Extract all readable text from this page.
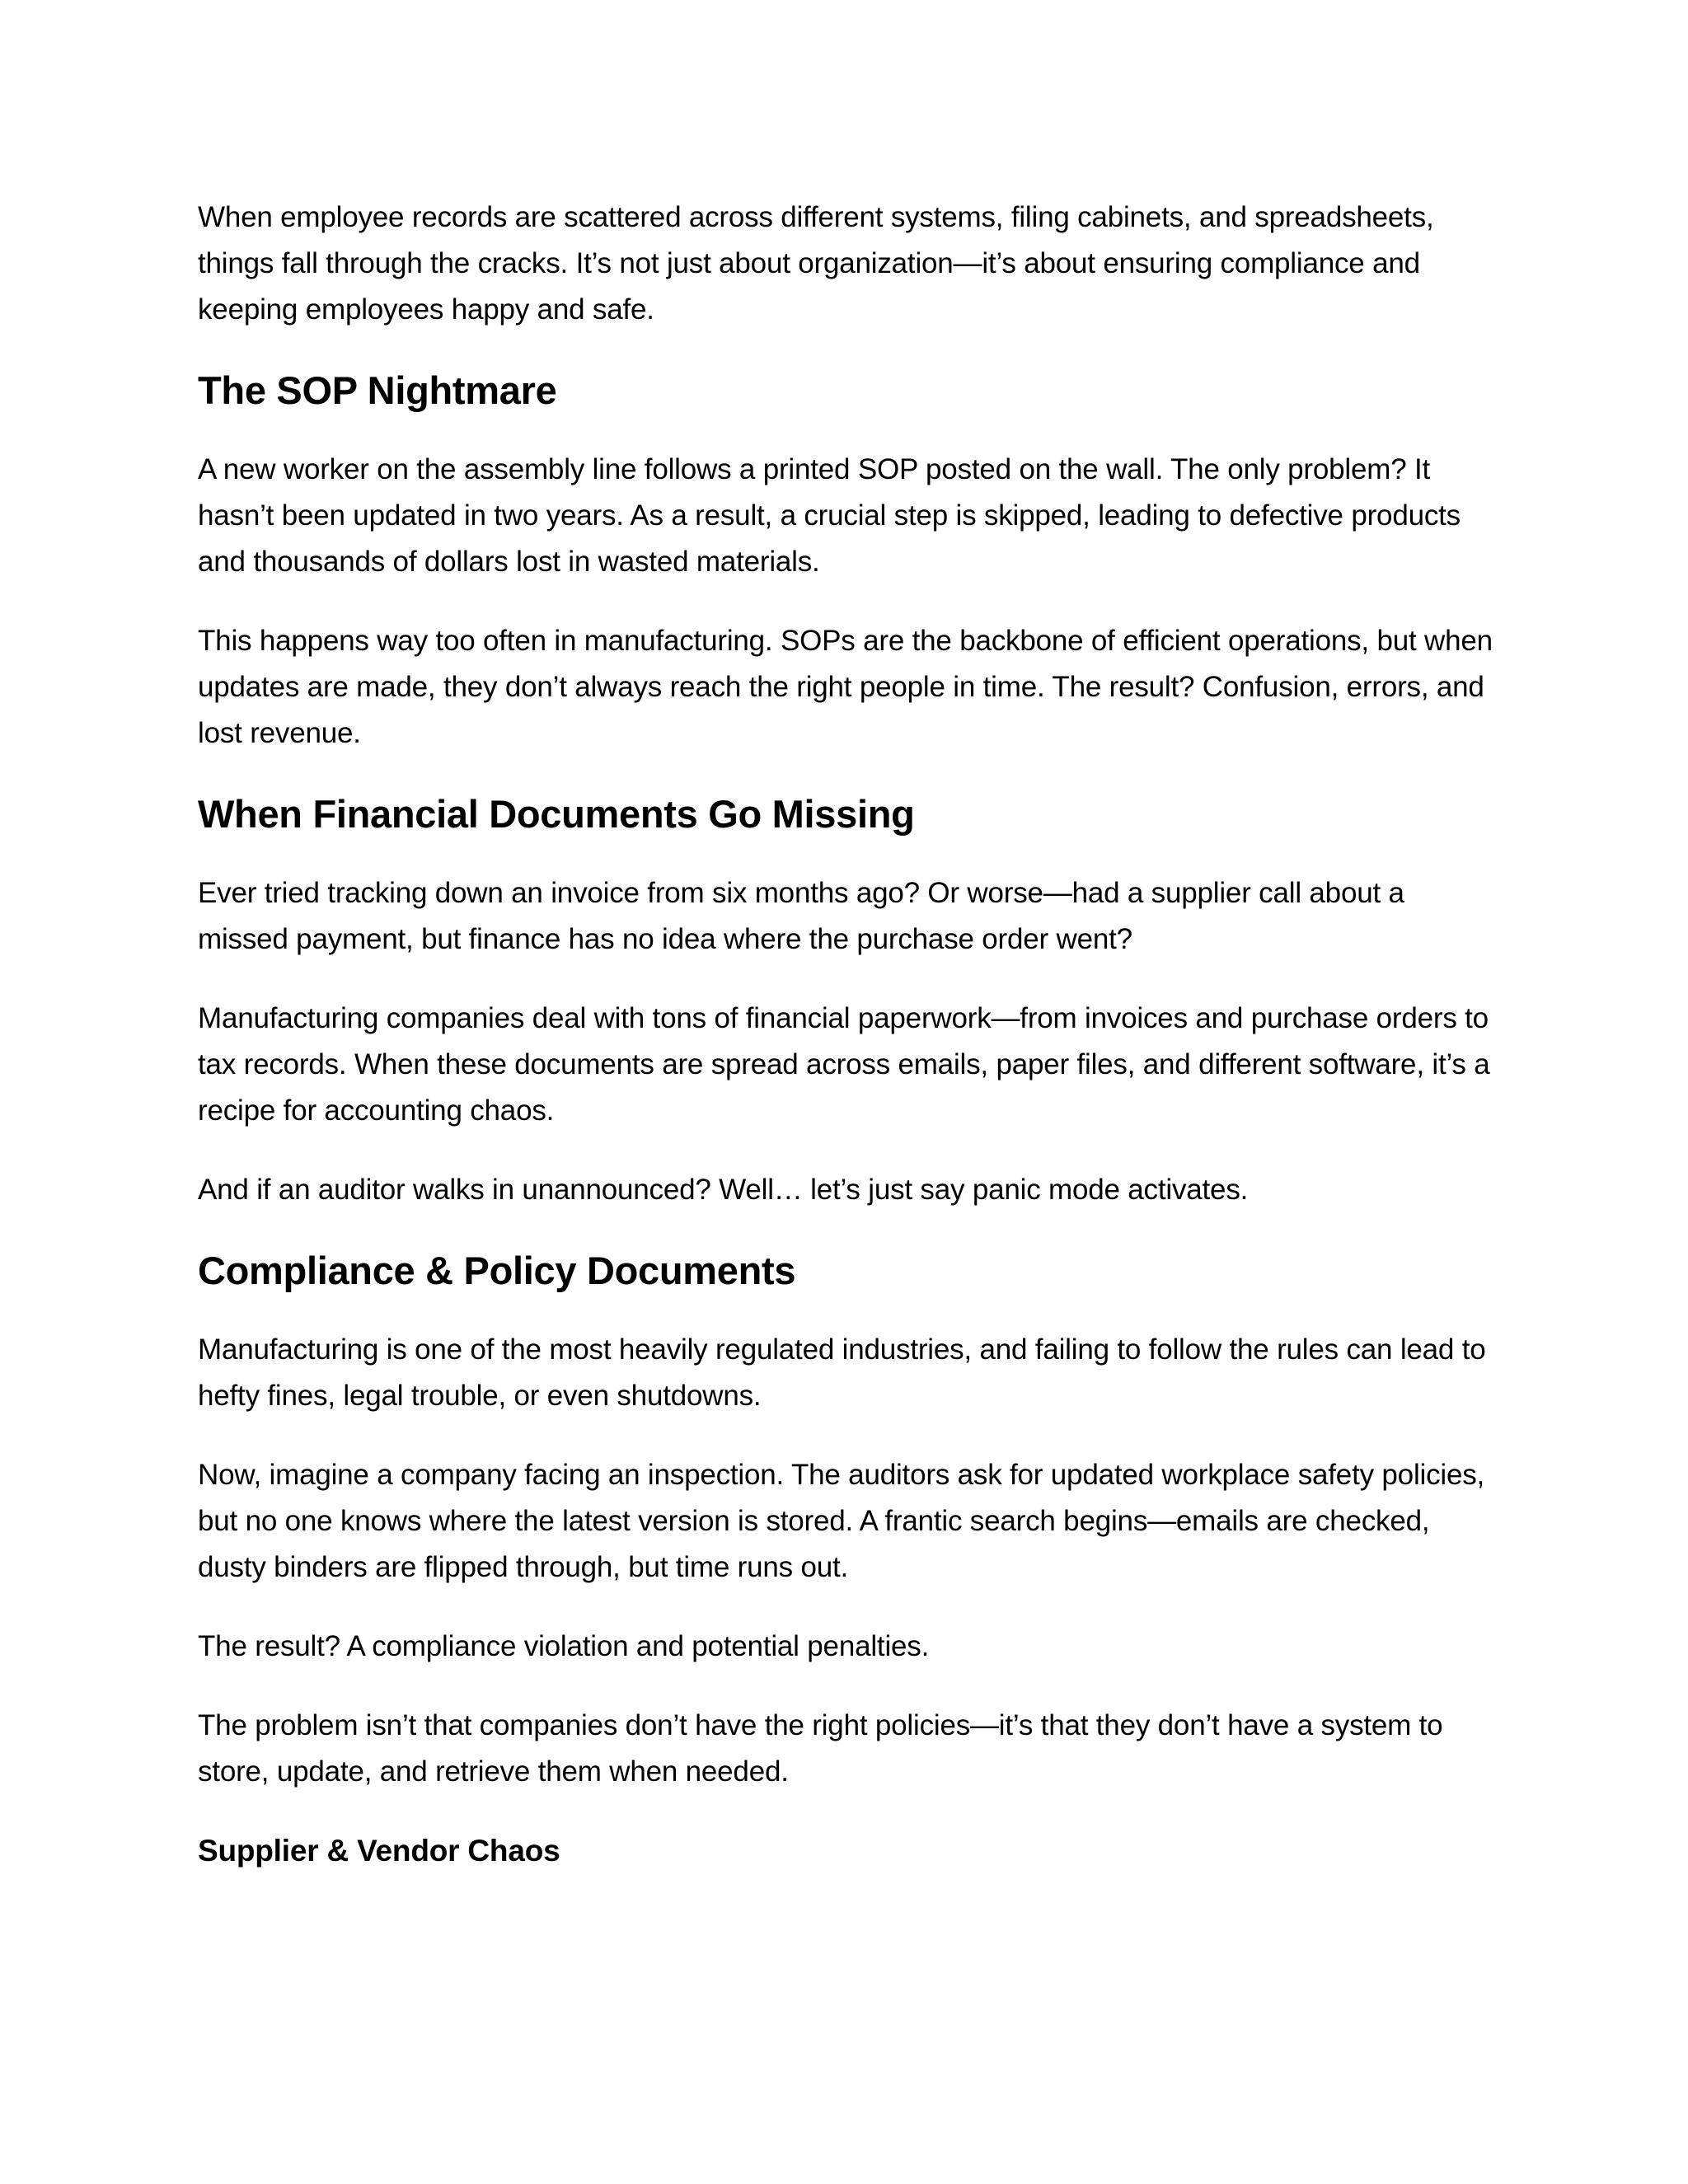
When employee records are scattered across different systems, filing cabinets, and spreadsheets, things fall through the cracks. It’s not just about organization—it’s about ensuring compliance and keeping employees happy and safe.

The SOP Nightmare

A new worker on the assembly line follows a printed SOP posted on the wall. The only problem? It hasn’t been updated in two years. As a result, a crucial step is skipped, leading to defective products and thousands of dollars lost in wasted materials.

This happens way too often in manufacturing. SOPs are the backbone of efficient operations, but when updates are made, they don’t always reach the right people in time. The result? Confusion, errors, and lost revenue.

When Financial Documents Go Missing

Ever tried tracking down an invoice from six months ago? Or worse—had a supplier call about a missed payment, but finance has no idea where the purchase order went?

Manufacturing companies deal with tons of financial paperwork—from invoices and purchase orders to tax records. When these documents are spread across emails, paper files, and different software, it’s a recipe for accounting chaos.

And if an auditor walks in unannounced? Well… let’s just say panic mode activates.

Compliance & Policy Documents

Manufacturing is one of the most heavily regulated industries, and failing to follow the rules can lead to hefty fines, legal trouble, or even shutdowns.

Now, imagine a company facing an inspection. The auditors ask for updated workplace safety policies, but no one knows where the latest version is stored. A frantic search begins—emails are checked, dusty binders are flipped through, but time runs out.

The result? A compliance violation and potential penalties.

The problem isn’t that companies don’t have the right policies—it’s that they don’t have a system to store, update, and retrieve them when needed.

Supplier & Vendor Chaos
